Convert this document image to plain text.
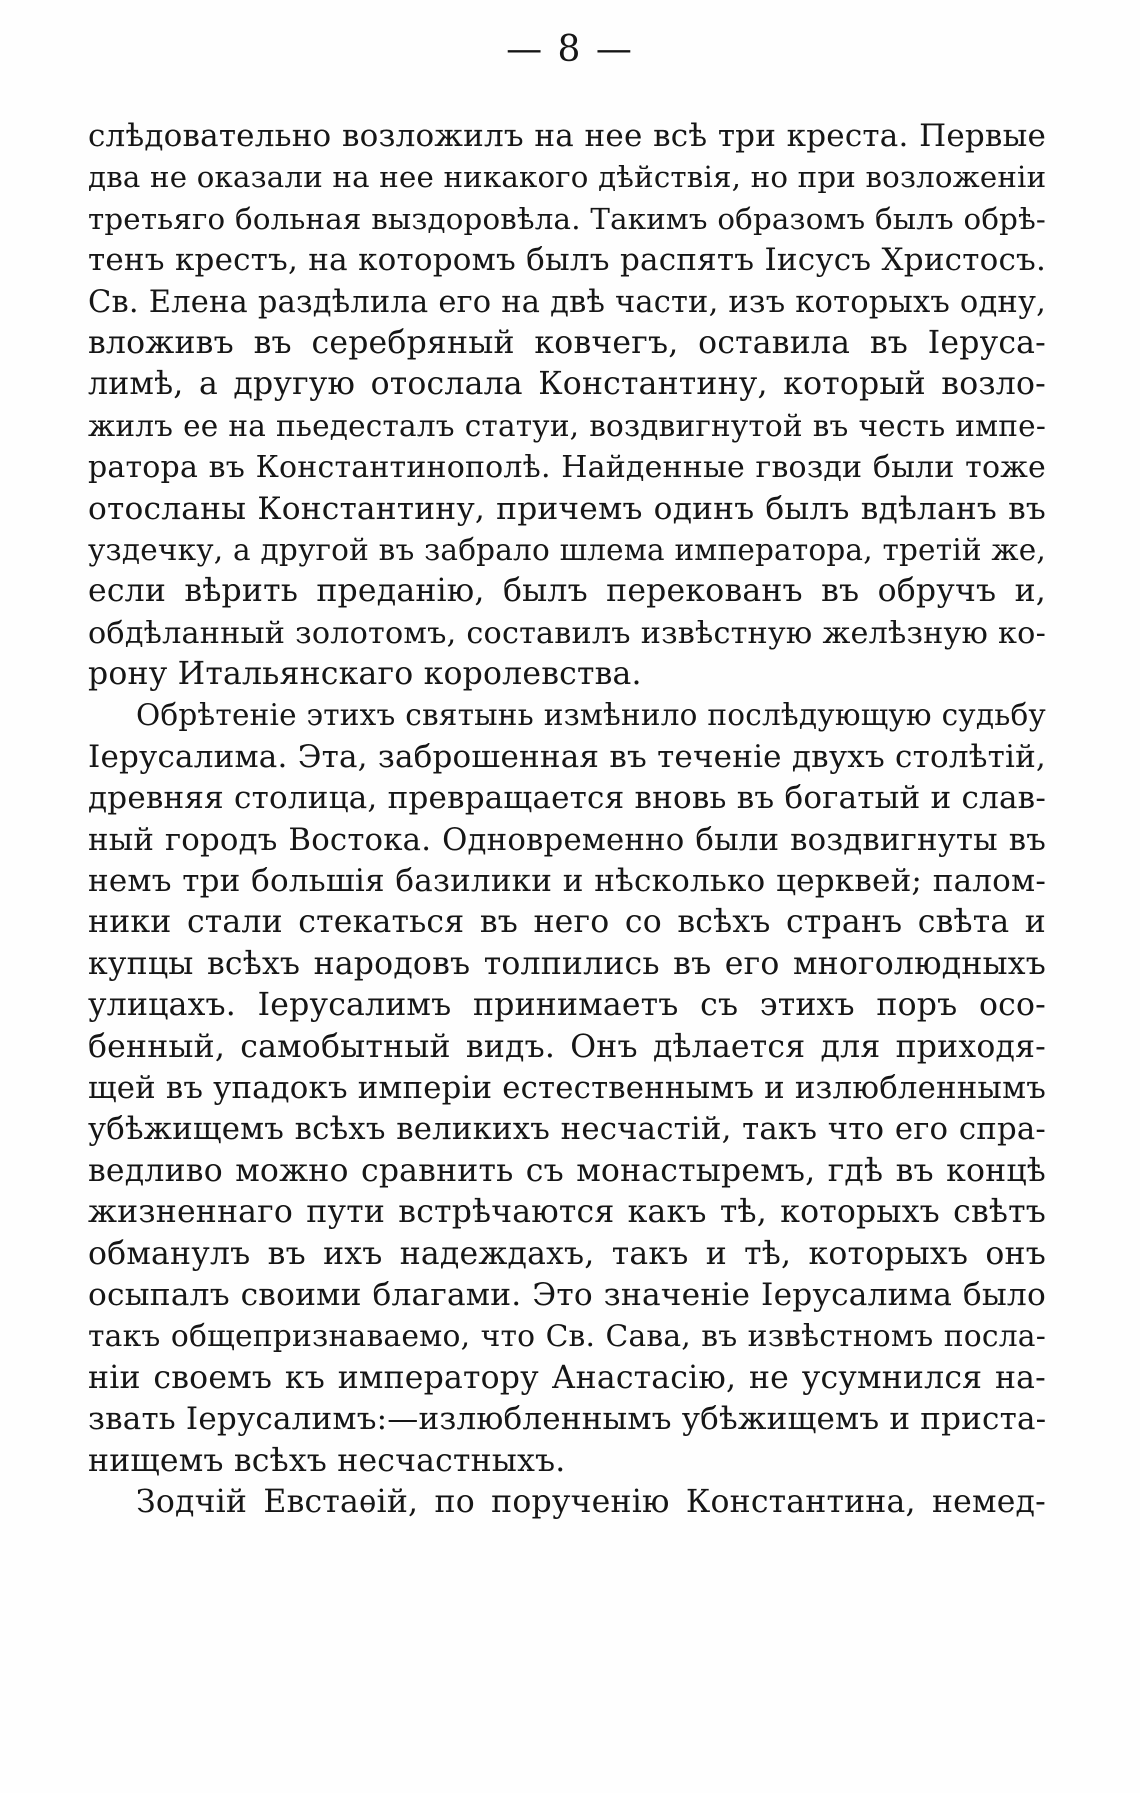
— 8 —
слѣдовательно возложилъ на нее всѣ три креста. Первые
два не оказали на нее никакого дѣйствія, но при возложеніи
третьяго больная выздоровѣла. Такимъ образомъ былъ обрѣ-
тенъ крестъ, на которомъ былъ распятъ Іисусъ Христосъ.
Св. Елена раздѣлила его на двѣ части, изъ которыхъ одну,
вложивъ въ серебряный ковчегъ, оставила въ Іерусa-
лимѣ, а другую отослала Константину, который возло-
жилъ ее на пьедесталъ статуи, воздвигнутой въ честь импе-
ратора въ Константинополѣ. Найденные гвозди были тоже
отосланы Константину, причемъ одинъ былъ вдѣланъ въ
уздечку, а другой въ забрало шлема императора, третій же,
если вѣрить преданію, былъ перекованъ въ обручъ и,
обдѣланный золотомъ, составилъ извѣстную желѣзную ко-
рону Итальянскаго королевства.
Обрѣтеніе этихъ святынь измѣнило послѣдующую судьбу
Іерусалима. Эта, заброшенная въ теченіе двухъ столѣтій,
древняя столица, превращается вновь въ богатый и слав-
ный городъ Востока. Одновременно были воздвигнуты въ
немъ три большія базилики и нѣсколько церквей; палом-
ники стали стекаться въ него со всѣхъ странъ свѣта и
купцы всѣхъ народовъ толпились въ его многолюдныхъ
улицахъ. Іерусалимъ принимаетъ съ этихъ поръ осо-
бенный, самобытный видъ. Онъ дѣлается для приходя-
щей въ упадокъ имперіи естественнымъ и излюбленнымъ
убѣжищемъ всѣхъ великихъ несчастій, такъ что его спра-
ведливо можно сравнить съ монастыремъ, гдѣ въ концѣ
жизненнаго пути встрѣчаются какъ тѣ, которыхъ свѣтъ
обманулъ въ ихъ надеждахъ, такъ и тѣ, которыхъ онъ
осыпалъ своими благами. Это значеніе Іерусалима было
такъ общепризнаваемо, что Св. Сава, въ извѣстномъ посла-
ніи своемъ къ императору Анастасію, не усумнился на-
звать Іерусалимъ:—излюбленнымъ убѣжищемъ и приста-
нищемъ всѣхъ несчастныхъ.
Зодчій Евстаѳій, по порученію Константина, немед-
